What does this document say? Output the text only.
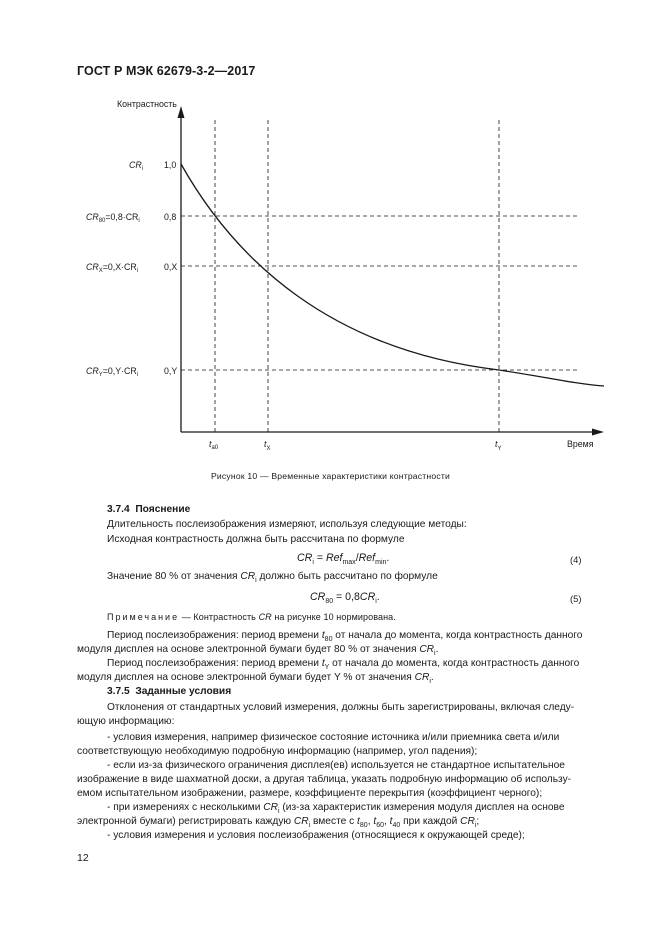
ГОСТ Р МЭК 62679-3-2—2017
Контрастность
Время
1,0
0,8
0,X
0,Y
$CR_i$
$CR_{80}=0,8\cdot CR_i$
$CR_X=0,X\cdot CR_i$
$CR_Y=0,Y\cdot CR_i$
$t_{a0}$	$t_X$	$t_Y$
Рисунок 10 — Временные характеристики контрастности
3.7.4 Пояснение
Длительность послеизображения измеряют, используя следующие методы:
Исходная контрастность должна быть рассчитана по формуле
$CR_i = Ref_{max}/Ref_{min}$.	(4)
Значение 80 % от значения $CR_i$ должно быть рассчитано по формуле
$CR_{80} = 0,8CR_i$.	(5)
Примечание — Контрастность CR на рисунке 10 нормирована.
Период послеизображения: период времени $t_{80}$ от начала до момента, когда контрастность данного
модуля дисплея на основе электронной бумаги будет 80 % от значения $CR_i$.
Период послеизображения: период времени $t_Y$ от начала до момента, когда контрастность данного
модуля дисплея на основе электронной бумаги будет Y % от значения $CR_i$.
3.7.5 Заданные условия
Отклонения от стандартных условий измерения, должны быть зарегистрированы, включая следу-
ющую информацию:
- условия измерения, например физическое состояние источника и/или приемника света и/или
соответствующую необходимую подробную информацию (например, угол падения);
- если из-за физического ограничения дисплея(ев) используется не стандартное испытательное
изображение в виде шахматной доски, а другая таблица, указать подробную информацию об использу-
емом испытательном изображении, размере, коэффициенте перекрытия (коэффициент черного);
- при измерениях с несколькими $CR_i$ (из-за характеристик измерения модуля дисплея на основе
электронной бумаги) регистрировать каждую $CR_i$ вместе с $t_{80}$, $t_{60}$, $t_{40}$ при каждой $CR_i$;
- условия измерения и условия послеизображения (относящиеся к окружающей среде);
12
